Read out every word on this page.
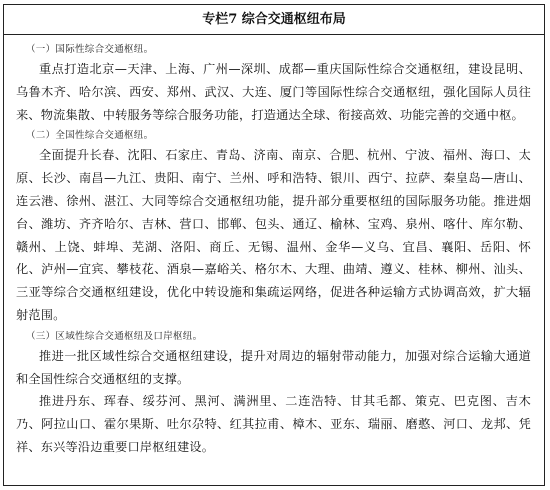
专栏7 综合交通枢纽布局
（一）国际性综合交通枢纽。

重点打造北京—天津、上海、广州—深圳、成都—重庆国际性综合交通枢纽，建设昆明、乌鲁木齐、哈尔滨、西安、郑州、武汉、大连、厦门等国际性综合交通枢纽，强化国际人员往来、物流集散、中转服务等综合服务功能，打造通达全球、衔接高效、功能完善的交通中枢。

（二）全国性综合交通枢纽。

全面提升长春、沈阳、石家庄、青岛、济南、南京、合肥、杭州、宁波、福州、海口、太原、长沙、南昌—九江、贵阳、南宁、兰州、呼和浩特、银川、西宁、拉萨、秦皇岛—唐山、连云港、徐州、湛江、大同等综合交通枢纽功能，提升部分重要枢纽的国际服务功能。推进烟台、潍坊、齐齐哈尔、吉林、营口、邯郸、包头、通辽、榆林、宝鸡、泉州、喀什、库尔勒、赣州、上饶、蚌埠、芜湖、洛阳、商丘、无锡、温州、金华—义乌、宜昌、襄阳、岳阳、怀化、泸州—宜宾、攀枝花、酒泉—嘉峪关、格尔木、大理、曲靖、遵义、桂林、柳州、汕头、三亚等综合交通枢纽建设，优化中转设施和集疏运网络，促进各种运输方式协调高效，扩大辐射范围。

（三）区域性综合交通枢纽及口岸枢纽。

推进一批区域性综合交通枢纽建设，提升对周边的辐射带动能力，加强对综合运输大通道和全国性综合交通枢纽的支撑。

推进丹东、珲春、绥芬河、黑河、满洲里、二连浩特、甘其毛都、策克、巴克图、吉木乃、阿拉山口、霍尔果斯、吐尔尕特、红其拉甫、樟木、亚东、瑞丽、磨憨、河口、龙邦、凭祥、东兴等沿边重要口岸枢纽建设。
